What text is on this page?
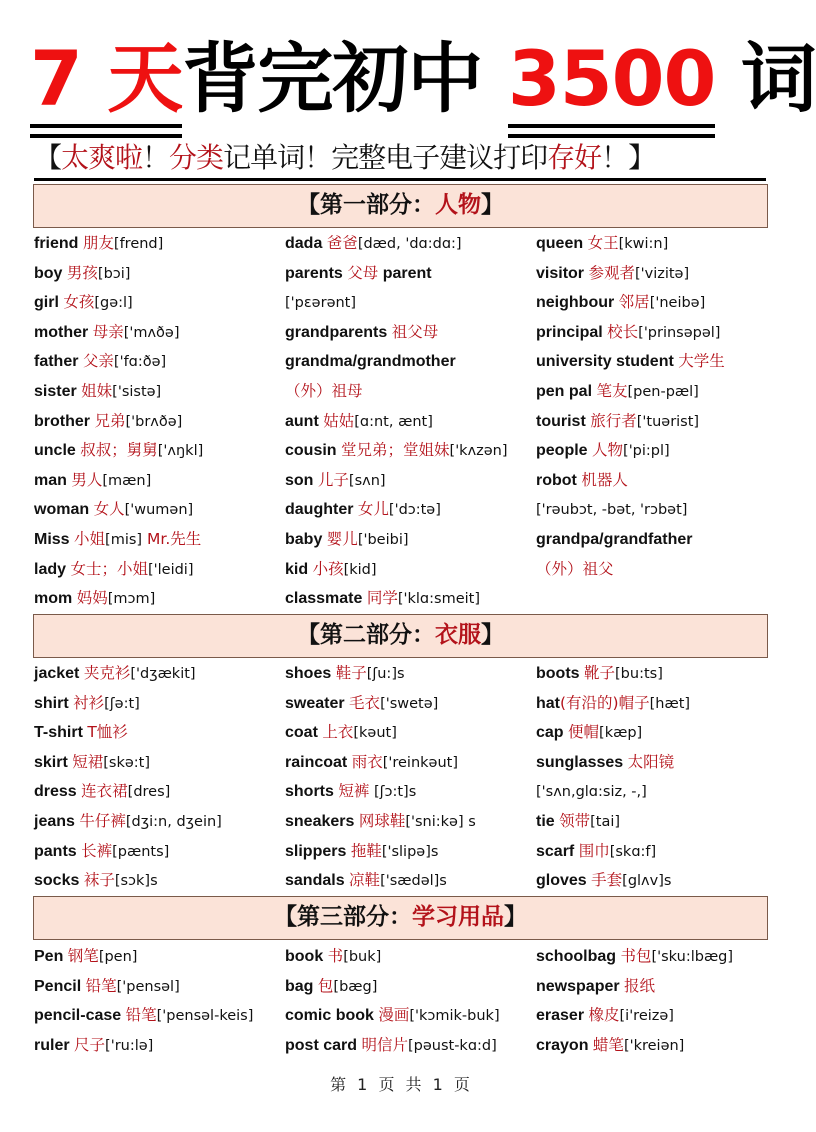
7 天背完初中 3500 词
【太爽啦！分类记单词！完整电子建议打印存好！】
【第一部分：人物】
friend 朋友[frend]	dada 爸爸[dæd, 'dɑ:dɑ:]	queen 女王[kwi:n]
boy 男孩[bɔi]	parents 父母 parent	visitor 参观者['vizitə]
girl 女孩[gə:l]	['pɛərənt]	neighbour 邻居['neibə]
mother 母亲['mʌðə]	grandparents 祖父母	principal 校长['prinsəpəl]
father 父亲['fɑ:ðə]	grandma/grandmother	university student 大学生
sister 姐妹['sistə]	（外）祖母	pen pal 笔友[pen-pæl]
brother 兄弟['brʌðə]	aunt 姑姑[ɑ:nt, ænt]	tourist 旅行者['tuərist]
uncle 叔叔；舅舅['ʌŋkl]	cousin 堂兄弟；堂姐妹['kʌzən]	people 人物['pi:pl]
man 男人[mæn]	son 儿子[sʌn]	robot 机器人
woman 女人['wumən]	daughter 女儿['dɔ:tə]	['rəubɔt, -bət, 'rɔbət]
Miss 小姐[mis] Mr.先生	baby 婴儿['beibi]	grandpa/grandfather
lady 女士；小姐['leidi]	kid 小孩[kid]	（外）祖父
mom 妈妈[mɔm]	classmate 同学['klɑ:smeit]
【第二部分：衣服】
jacket 夹克衫['dʒækit]	shoes 鞋子[ʃu:]s	boots 靴子[bu:ts]
shirt 衬衫[ʃə:t]	sweater 毛衣['swetə]	hat(有沿的)帽子[hæt]
T-shirt T恤衫	coat 上衣[kəut]	cap 便帽[kæp]
skirt 短裙[skə:t]	raincoat 雨衣['reinkəut]	sunglasses 太阳镜
dress 连衣裙[dres]	shorts 短裤 [ʃɔ:t]s	['sʌn,glɑ:siz, -,]
jeans 牛仔裤[dʒi:n, dʒein]	sneakers 网球鞋['sni:kə] s	tie 领带[tai]
pants 长裤[pænts]	slippers 拖鞋['slipə]s	scarf 围巾[skɑ:f]
socks 袜子[sɔk]s	sandals 凉鞋['sædəl]s	gloves 手套[glʌv]s
【第三部分：学习用品】
Pen 钢笔[pen]	book 书[buk]	schoolbag 书包['sku:lbæg]
Pencil 铅笔['pensəl]	bag 包[bæg]	newspaper 报纸
pencil-case 铅笔['pensəl-keis]	comic book 漫画['kɔmik-buk]	eraser 橡皮[i'reizə]
ruler 尺子['ru:lə]	post card 明信片[pəust-kɑ:d]	crayon 蜡笔['kreiən]
第 1 页 共 1 页
